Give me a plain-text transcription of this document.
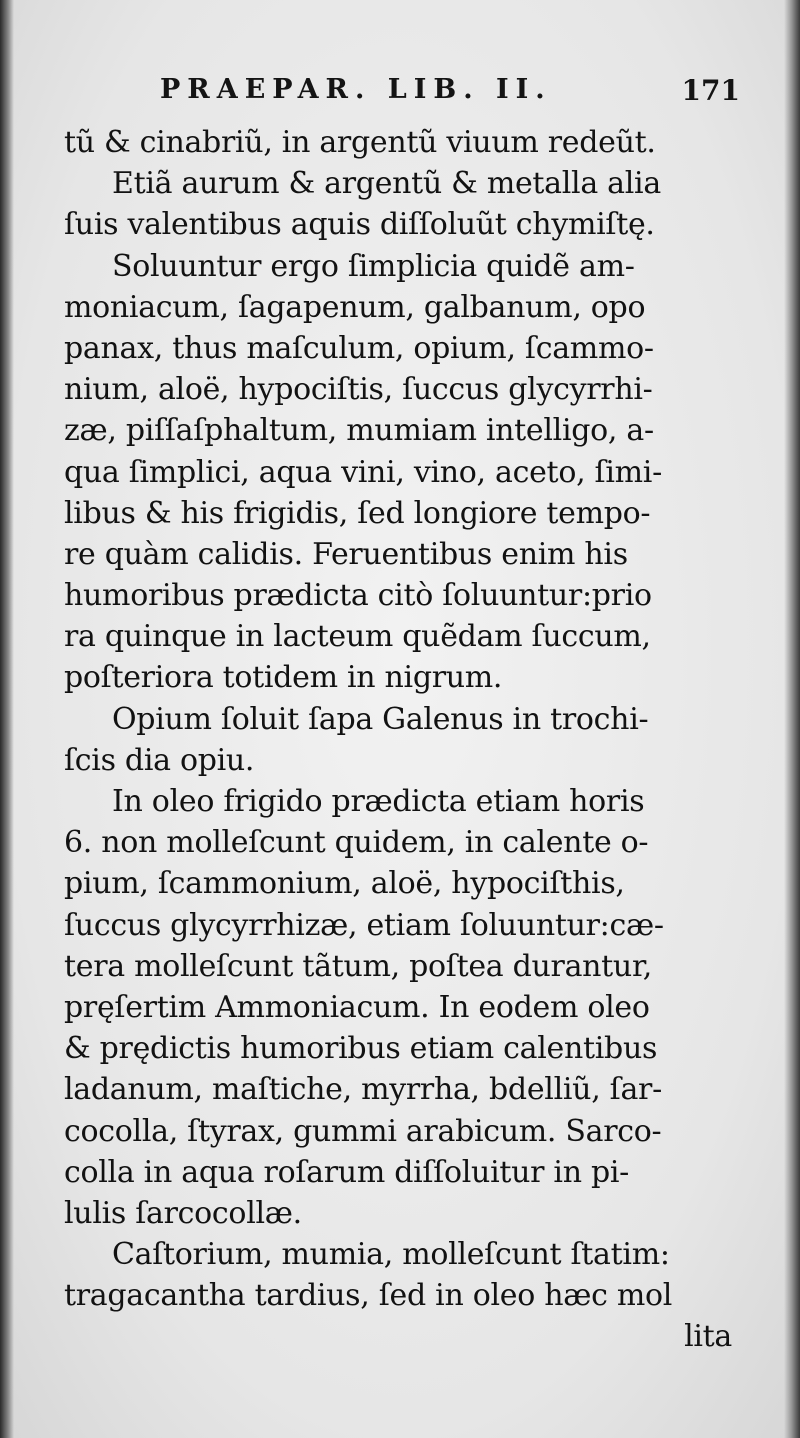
PRAEPAR. LIB. II.	171
tũ & cinabriũ, in argentũ viuum redeũt.
Etiã aurum & argentũ & metalla alia
ſuis valentibus aquis diſſoluũt chymiſtę.
Soluuntur ergo ſimplicia quidẽ am-
moniacum, ſagapenum, galbanum, opo
panax, thus maſculum, opium, ſcammo-
nium, aloë, hypociſtis, ſuccus glycyrrhi-
zæ, piſſaſphaltum, mumiam intelligo, a-
qua ſimplici, aqua vini, vino, aceto, ſimi-
libus & his frigidis, ſed longiore tempo-
re quàm calidis. Feruentibus enim his
humoribus prædicta citò ſoluuntur:prio
ra quinque in lacteum quẽdam ſuccum,
poſteriora totidem in nigrum.
Opium ſoluit ſapa Galenus in trochi-
ſcis dia opiu.
In oleo frigido prædicta etiam horis
6. non molleſcunt quidem, in calente o-
pium, ſcammonium, aloë, hypociſthis,
ſuccus glycyrrhizæ, etiam ſoluuntur:cæ-
tera molleſcunt tãtum, poſtea durantur,
pręſertim Ammoniacum. In eodem oleo
& prędictis humoribus etiam calentibus
ladanum, maſtiche, myrrha, bdelliũ, ſar-
cocolla, ſtyrax, gummi arabicum. Sarco-
colla in aqua roſarum diſſoluitur in pi-
lulis ſarcocollæ.
Caſtorium, mumia, molleſcunt ſtatim:
tragacantha tardius, ſed in oleo hæc mol
lita
